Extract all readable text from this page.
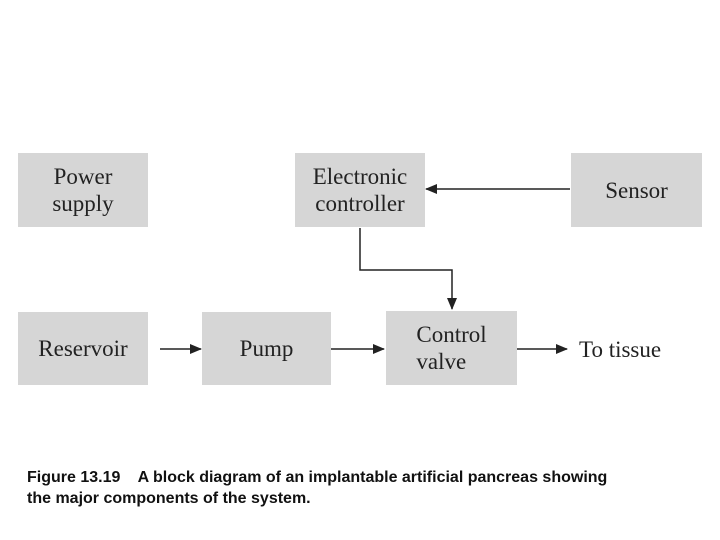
Power
supply
Electronic
controller
Sensor
Reservoir	Pump
Control
valve	To tissue
Figure 13.19    A block diagram of an implantable artificial pancreas showing
the major components of the system.
